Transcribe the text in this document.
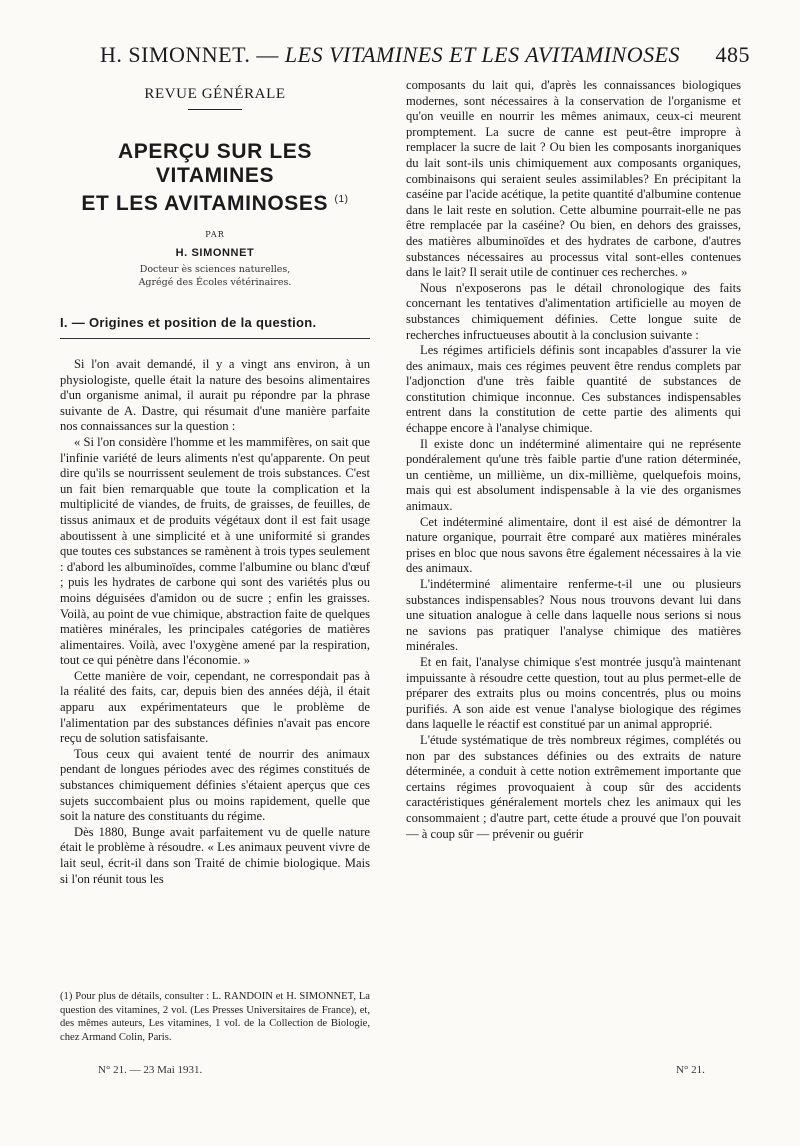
H. SIMONNET. — LES VITAMINES ET LES AVITAMINOSES 485
REVUE GÉNÉRALE
APERÇU SUR LES VITAMINES
ET LES AVITAMINOSES $^{(1)}$
PAR
H. SIMONNET
Docteur ès sciences naturelles,
Agrégé des Écoles vétérinaires.
I. — Origines et position de la question.

Si l'on avait demandé, il y a vingt ans environ, à un physiologiste, quelle était la nature des besoins alimentaires d'un organisme animal, il aurait pu répondre par la phrase suivante de A. Dastre, qui résumait d'une manière parfaite nos connaissances sur la question :

« Si l'on considère l'homme et les mammifères, on sait que l'infinie variété de leurs aliments n'est qu'apparente. On peut dire qu'ils se nourrissent seulement de trois substances. C'est un fait bien remarquable que toute la complication et la multiplicité de viandes, de fruits, de graisses, de feuilles, de tissus animaux et de produits végétaux dont il est fait usage aboutissent à une simplicité et à une uniformité si grandes que toutes ces substances se ramènent à trois types seulement : d'abord les albuminoïdes, comme l'albumine ou blanc d'œuf ; puis les hydrates de carbone qui sont des variétés plus ou moins déguisées d'amidon ou de sucre ; enfin les graisses. Voilà, au point de vue chimique, abstraction faite de quelques matières minérales, les principales catégories de matières alimentaires. Voilà, avec l'oxygène amené par la respiration, tout ce qui pénètre dans l'économie. »

Cette manière de voir, cependant, ne correspondait pas à la réalité des faits, car, depuis bien des années déjà, il était apparu aux expérimentateurs que le problème de l'alimentation par des substances définies n'avait pas encore reçu de solution satisfaisante.

Tous ceux qui avaient tenté de nourrir des animaux pendant de longues périodes avec des régimes constitués de substances chimiquement définies s'étaient aperçus que ces sujets succombaient plus ou moins rapidement, quelle que soit la nature des constituants du régime.

Dès 1880, Bunge avait parfaitement vu de quelle nature était le problème à résoudre. « Les animaux peuvent vivre de lait seul, écrit-il dans son Traité de chimie biologique. Mais si l'on réunit tous les

(1) Pour plus de détails, consulter : L. RANDOIN et H. SIMONNET, La question des vitamines, 2 vol. (Les Presses Universitaires de France), et, des mêmes auteurs, Les vitamines, 1 vol. de la Collection de Biologie, chez Armand Colin, Paris.

composants du lait qui, d'après les connaissances biologiques modernes, sont nécessaires à la conservation de l'organisme et qu'on veuille en nourrir les mêmes animaux, ceux-ci meurent promptement. La sucre de canne est peut-être impropre à remplacer la sucre de lait ? Ou bien les composants inorganiques du lait sont-ils unis chimiquement aux composants organiques, combinaisons qui seraient seules assimilables? En précipitant la caséine par l'acide acétique, la petite quantité d'albumine contenue dans le lait reste en solution. Cette albumine pourrait-elle ne pas être remplacée par la caséine? Ou bien, en dehors des graisses, des matières albuminoïdes et des hydrates de carbone, d'autres substances nécessaires au processus vital sont-elles contenues dans le lait? Il serait utile de continuer ces recherches. »

Nous n'exposerons pas le détail chronologique des faits concernant les tentatives d'alimentation artificielle au moyen de substances chimiquement définies. Cette longue suite de recherches infructueuses aboutit à la conclusion suivante :

Les régimes artificiels définis sont incapables d'assurer la vie des animaux, mais ces régimes peuvent être rendus complets par l'adjonction d'une très faible quantité de substances de constitution chimique inconnue. Ces substances indispensables entrent dans la constitution de cette partie des aliments qui échappe encore à l'analyse chimique.

Il existe donc un indéterminé alimentaire qui ne représente pondéralement qu'une très faible partie d'une ration déterminée, un centième, un millième, un dix-millième, quelquefois moins, mais qui est absolument indispensable à la vie des organismes animaux.

Cet indéterminé alimentaire, dont il est aisé de démontrer la nature organique, pourrait être comparé aux matières minérales prises en bloc que nous savons être également nécessaires à la vie des animaux.

L'indéterminé alimentaire renferme-t-il une ou plusieurs substances indispensables? Nous nous trouvons devant lui dans une situation analogue à celle dans laquelle nous serions si nous ne savions pas pratiquer l'analyse chimique des matières minérales.

Et en fait, l'analyse chimique s'est montrée jusqu'à maintenant impuissante à résoudre cette question, tout au plus permet-elle de préparer des extraits plus ou moins concentrés, plus ou moins purifiés. A son aide est venue l'analyse biologique des régimes dans laquelle le réactif est constitué par un animal approprié.

L'étude systématique de très nombreux régimes, complétés ou non par des substances définies ou des extraits de nature déterminée, a conduit à cette notion extrêmement importante que certains régimes provoquaient à coup sûr des accidents caractéristiques généralement mortels chez les animaux qui les consommaient ; d'autre part, cette étude a prouvé que l'on pouvait — à coup sûr — prévenir ou guérir

N° 21. — 23 Mai 1931.	N° 21.
